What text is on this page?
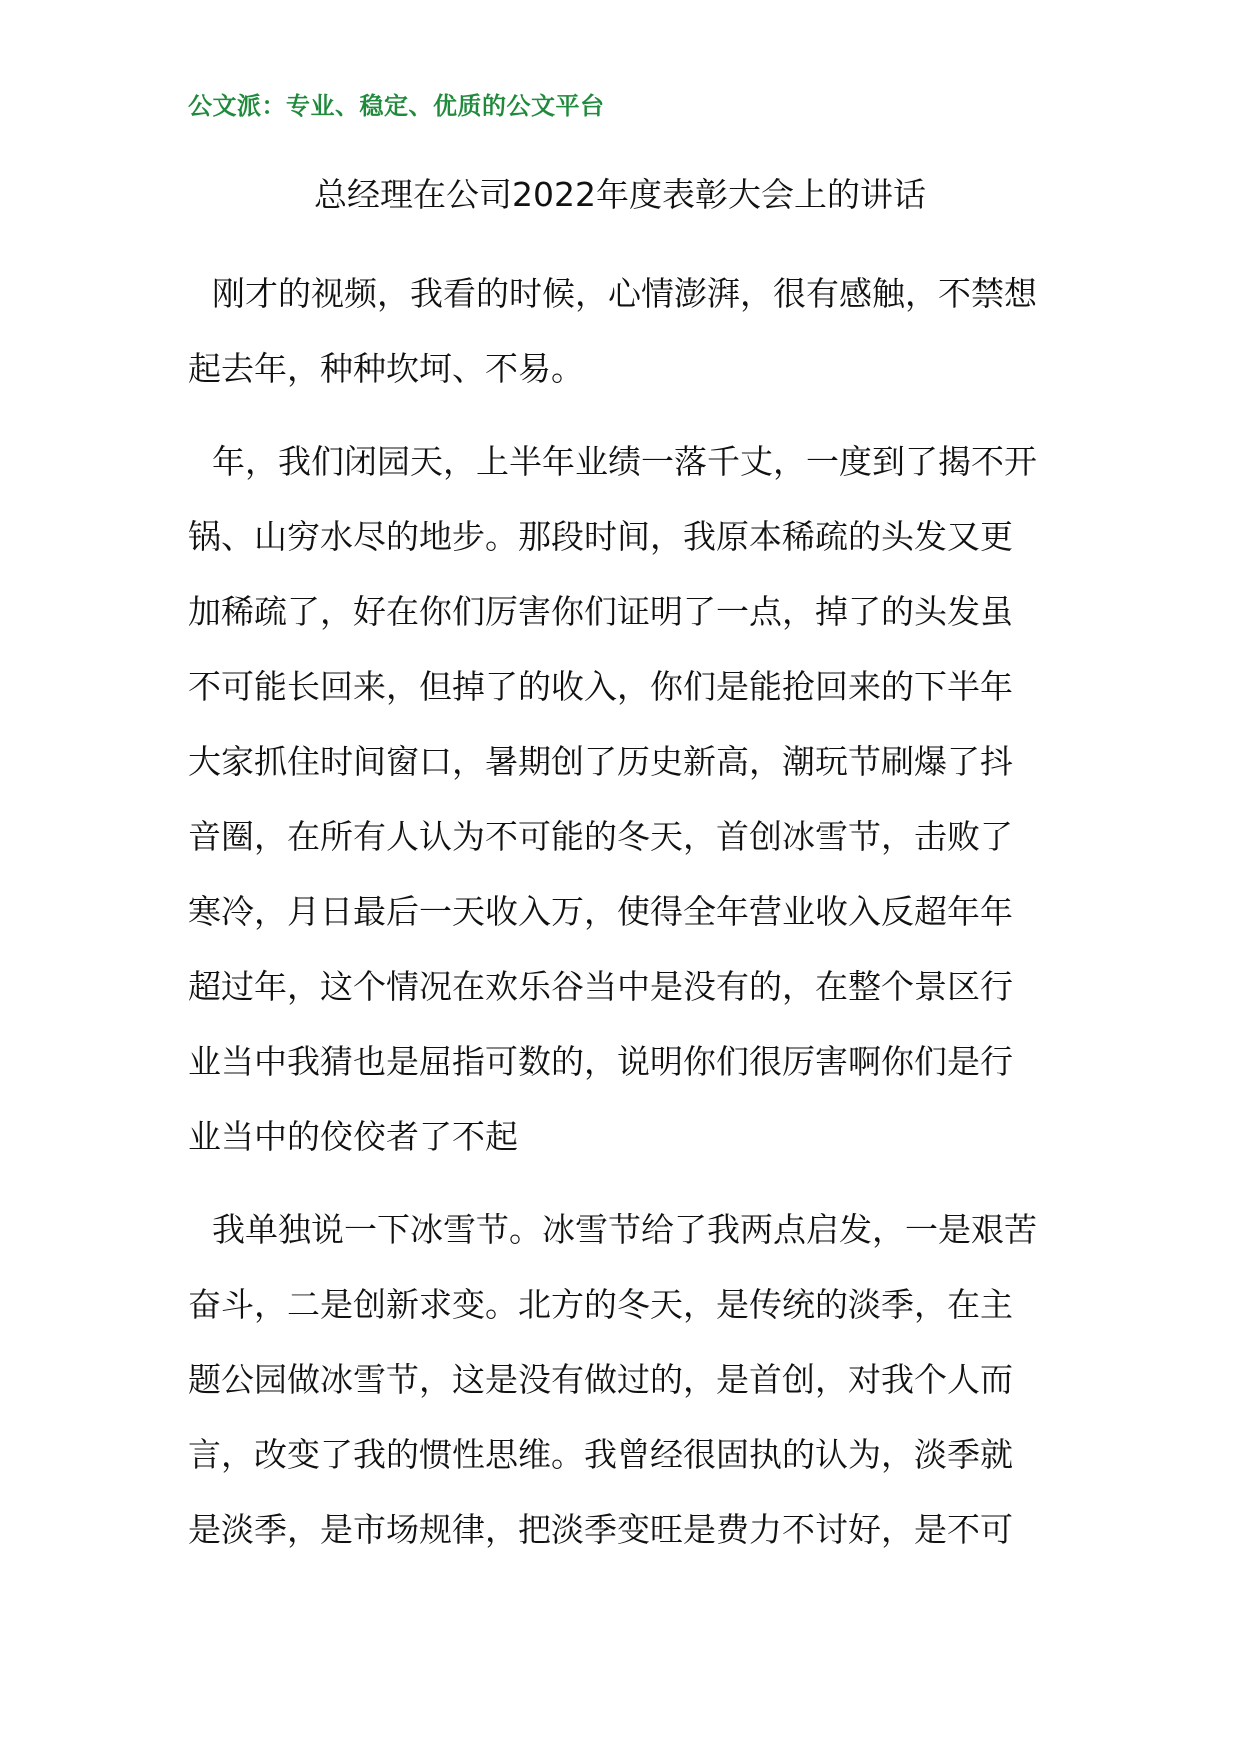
公文派：专业、稳定、优质的公文平台
总经理在公司2022年度表彰大会上的讲话

刚才的视频，我看的时候，心情澎湃，很有感触，不禁想
起去年，种种坎坷、不易。

年，我们闭园天，上半年业绩一落千丈，一度到了揭不开
锅、山穷水尽的地步。那段时间，我原本稀疏的头发又更
加稀疏了，好在你们厉害你们证明了一点，掉了的头发虽
不可能长回来，但掉了的收入，你们是能抢回来的下半年
大家抓住时间窗口，暑期创了历史新高，潮玩节刷爆了抖
音圈，在所有人认为不可能的冬天，首创冰雪节，击败了
寒冷，月日最后一天收入万，使得全年营业收入反超年年
超过年，这个情况在欢乐谷当中是没有的，在整个景区行
业当中我猜也是屈指可数的，说明你们很厉害啊你们是行
业当中的佼佼者了不起

我单独说一下冰雪节。冰雪节给了我两点启发，一是艰苦
奋斗，二是创新求变。北方的冬天，是传统的淡季，在主
题公园做冰雪节，这是没有做过的，是首创，对我个人而
言，改变了我的惯性思维。我曾经很固执的认为，淡季就
是淡季，是市场规律，把淡季变旺是费力不讨好，是不可
